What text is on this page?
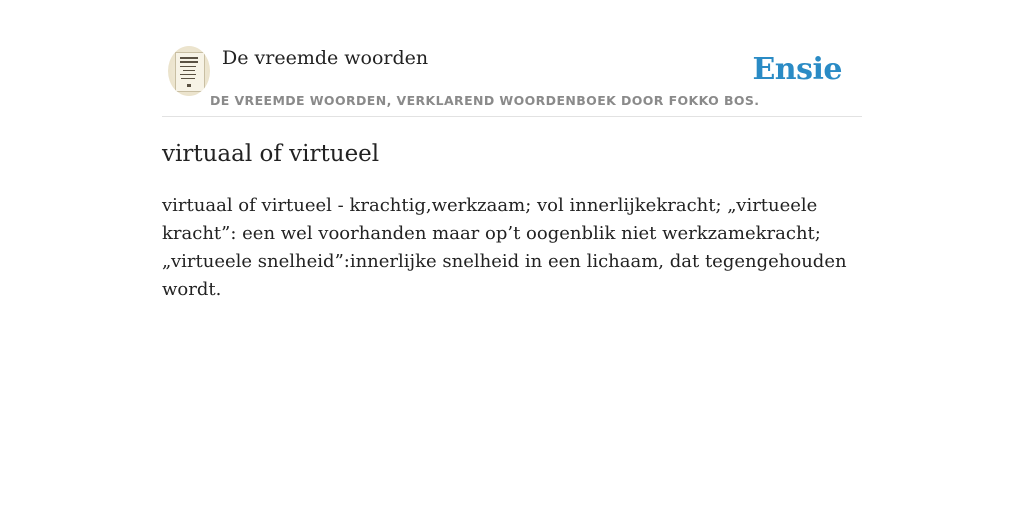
De vreemde woorden
DE VREEMDE WOORDEN, VERKLAREND WOORDENBOEK DOOR FOKKO BOS.
Ensie
virtuaal of virtueel

virtuaal of virtueel - krachtig,werkzaam; vol innerlijkekracht; „virtueele kracht”: een wel voorhanden maar op’t oogenblik niet werkzamekracht; „virtueele snelheid”:innerlijke snelheid in een lichaam, dat tegengehouden wordt.
